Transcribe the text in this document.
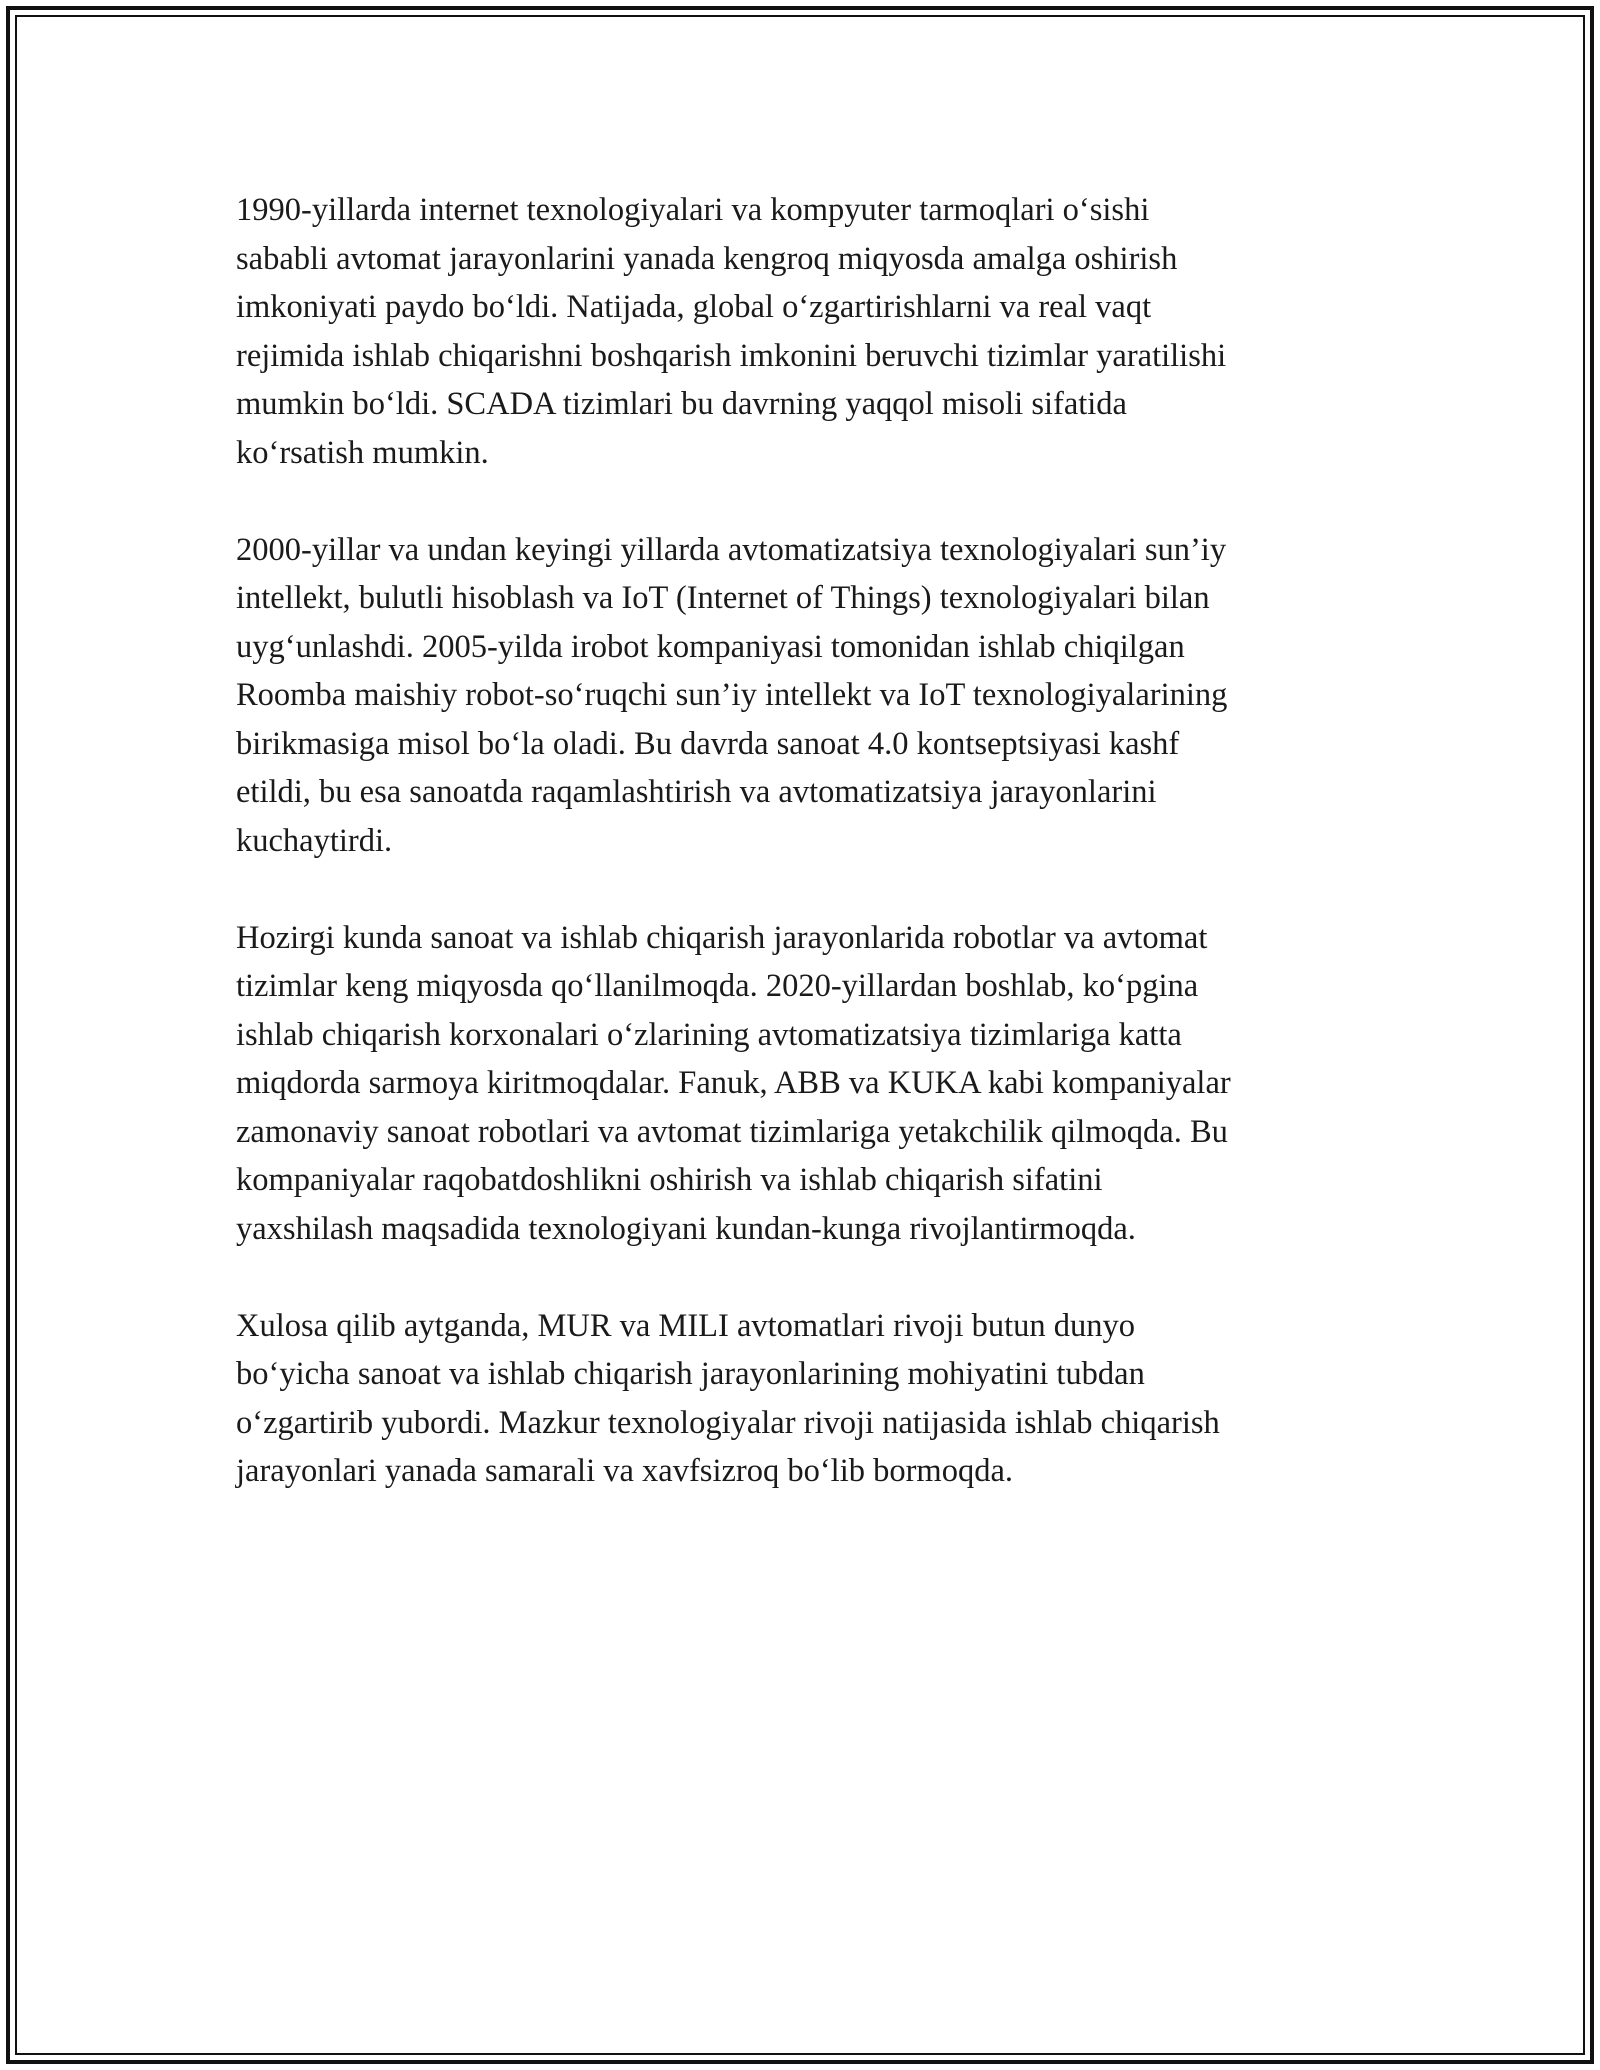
1990-yillarda internet texnologiyalari va kompyuter tarmoqlari o‘sishi
sababli avtomat jarayonlarini yanada kengroq miqyosda amalga oshirish
imkoniyati paydo bo‘ldi. Natijada, global o‘zgartirishlarni va real vaqt
rejimida ishlab chiqarishni boshqarish imkonini beruvchi tizimlar yaratilishi
mumkin bo‘ldi. SCADA tizimlari bu davrning yaqqol misoli sifatida
ko‘rsatish mumkin.

2000-yillar va undan keyingi yillarda avtomatizatsiya texnologiyalari sun’iy
intellekt, bulutli hisoblash va IoT (Internet of Things) texnologiyalari bilan
uyg‘unlashdi. 2005-yilda irobot kompaniyasi tomonidan ishlab chiqilgan
Roomba maishiy robot-so‘ruqchi sun’iy intellekt va IoT texnologiyalarining
birikmasiga misol bo‘la oladi. Bu davrda sanoat 4.0 kontseptsiyasi kashf
etildi, bu esa sanoatda raqamlashtirish va avtomatizatsiya jarayonlarini
kuchaytirdi.

Hozirgi kunda sanoat va ishlab chiqarish jarayonlarida robotlar va avtomat
tizimlar keng miqyosda qo‘llanilmoqda. 2020-yillardan boshlab, ko‘pgina
ishlab chiqarish korxonalari o‘zlarining avtomatizatsiya tizimlariga katta
miqdorda sarmoya kiritmoqdalar. Fanuk, ABB va KUKA kabi kompaniyalar
zamonaviy sanoat robotlari va avtomat tizimlariga yetakchilik qilmoqda. Bu
kompaniyalar raqobatdoshlikni oshirish va ishlab chiqarish sifatini
yaxshilash maqsadida texnologiyani kundan-kunga rivojlantirmoqda.

Xulosa qilib aytganda, MUR va MILI avtomatlari rivoji butun dunyo
bo‘yicha sanoat va ishlab chiqarish jarayonlarining mohiyatini tubdan
o‘zgartirib yubordi. Mazkur texnologiyalar rivoji natijasida ishlab chiqarish
jarayonlari yanada samarali va xavfsizroq bo‘lib bormoqda.
